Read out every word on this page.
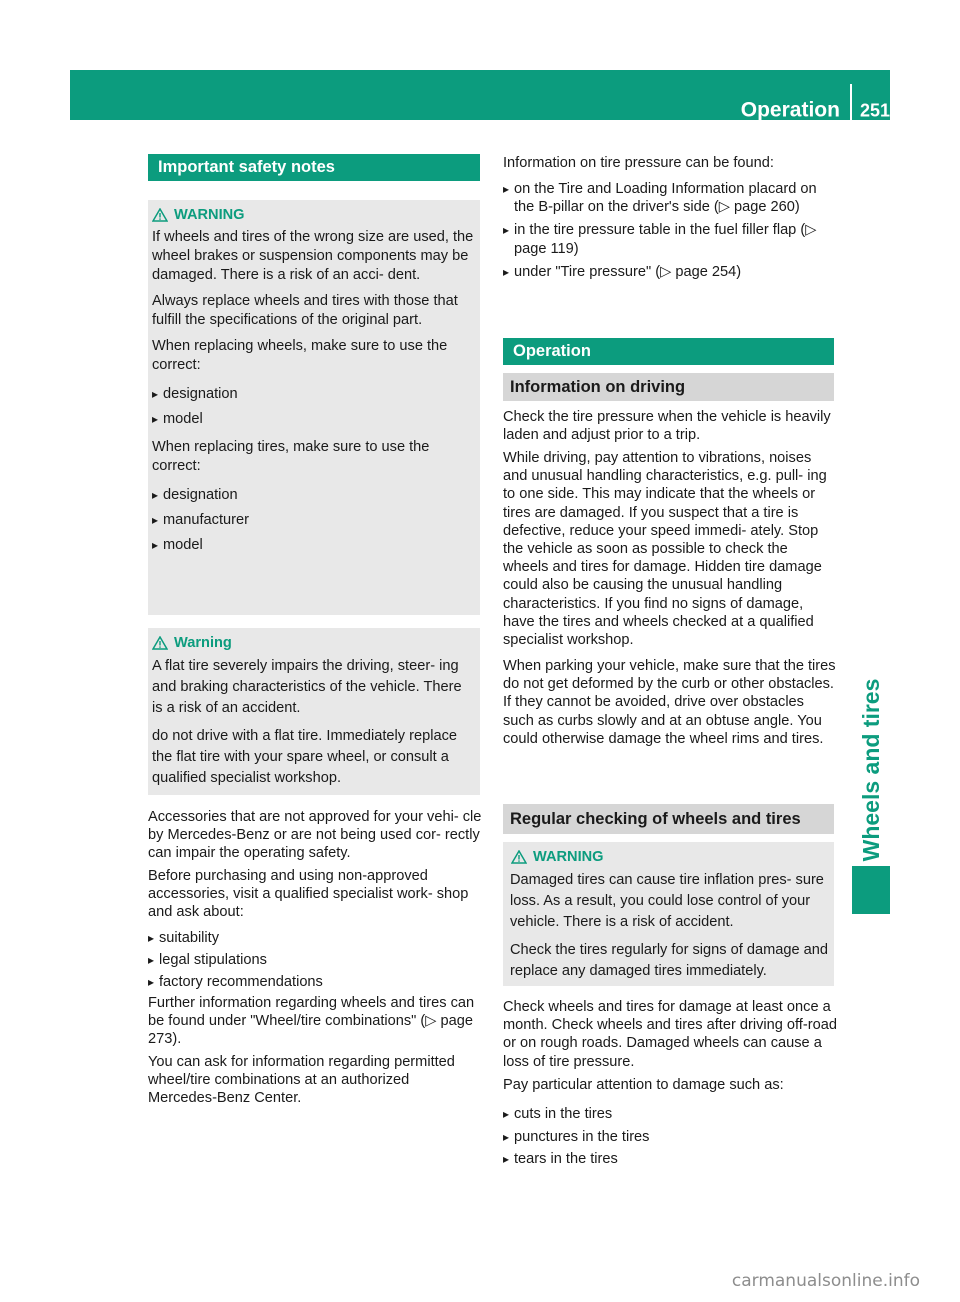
Operation 251
Wheels and tires
Important safety notes
WARNING

If wheels and tires of the wrong size are used, the wheel brakes or suspension components may be damaged. There is a risk of an acci- dent.

Always replace wheels and tires with those that fulfill the specifications of the original part.

When replacing wheels, make sure to use the correct:

▸ designation
▸ model

When replacing tires, make sure to use the correct:

▸ designation
▸ manufacturer
▸ model
Warning

A flat tire severely impairs the driving, steer- ing and braking characteristics of the vehicle. There is a risk of an accident.

do not drive with a flat tire. Immediately replace the flat tire with your spare wheel, or consult a qualified specialist workshop.

Accessories that are not approved for your vehi- cle by Mercedes-Benz or are not being used cor- rectly can impair the operating safety.

Before purchasing and using non-approved accessories, visit a qualified specialist work- shop and ask about:

▸ suitability
▸ legal stipulations
▸ factory recommendations

Further information regarding wheels and tires can be found under "Wheel/tire combinations" (▷ page 273).

You can ask for information regarding permitted wheel/tire combinations at an authorized Mercedes-Benz Center.

Information on tire pressure can be found:

▸ on the Tire and Loading Information placard on the B-pillar on the driver's side (▷ page 260)
▸ in the tire pressure table in the fuel filler flap (▷ page 119)
▸ under "Tire pressure" (▷ page 254)
Operation
Information on driving

Check the tire pressure when the vehicle is heavily laden and adjust prior to a trip.

While driving, pay attention to vibrations, noises and unusual handling characteristics, e.g. pull- ing to one side. This may indicate that the wheels or tires are damaged. If you suspect that a tire is defective, reduce your speed immedi- ately. Stop the vehicle as soon as possible to check the wheels and tires for damage. Hidden tire damage could also be causing the unusual handling characteristics. If you find no signs of damage, have the tires and wheels checked at a qualified specialist workshop.

When parking your vehicle, make sure that the tires do not get deformed by the curb or other obstacles. If they cannot be avoided, drive over obstacles such as curbs slowly and at an obtuse angle. You could otherwise damage the wheel rims and tires.

Regular checking of wheels and tires
WARNING

Damaged tires can cause tire inflation pres- sure loss. As a result, you could lose control of your vehicle. There is a risk of accident.

Check the tires regularly for signs of damage and replace any damaged tires immediately.

Check wheels and tires for damage at least once a month. Check wheels and tires after driving off-road or on rough roads. Damaged wheels can cause a loss of tire pressure.

Pay particular attention to damage such as:

▸ cuts in the tires
▸ punctures in the tires
▸ tears in the tires
carmanualsonline.info
